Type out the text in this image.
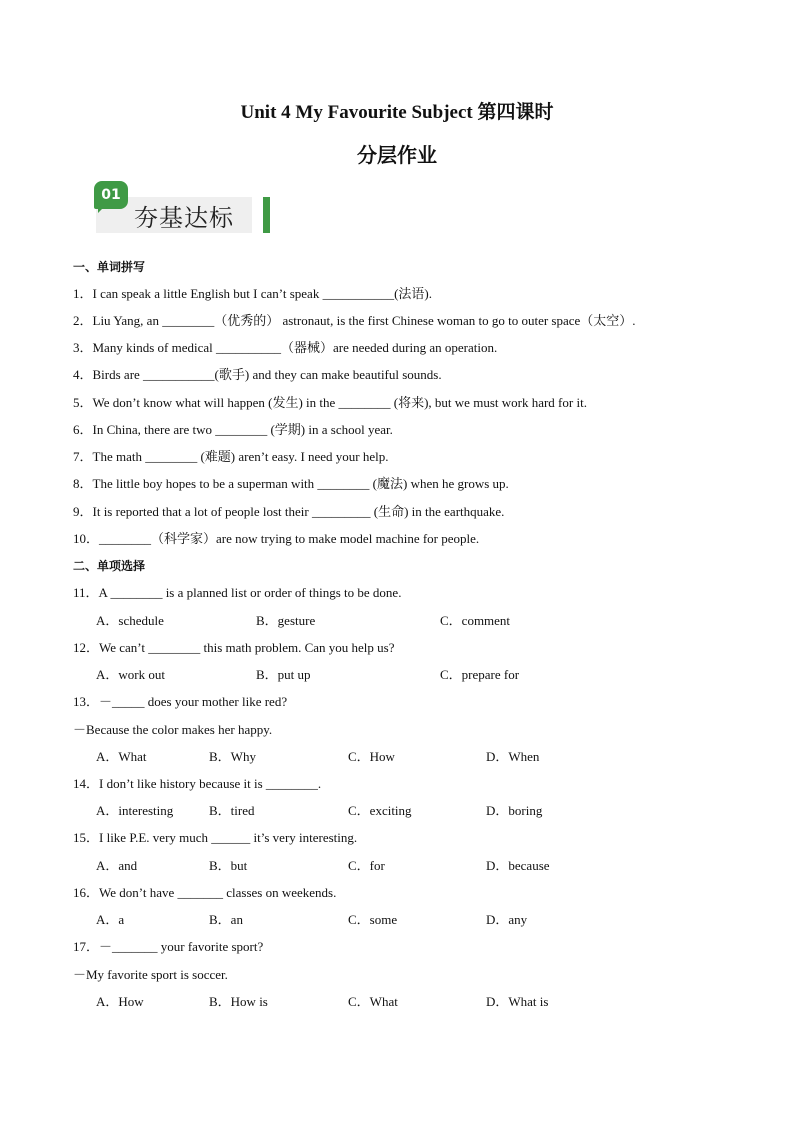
Unit 4 My Favourite Subject 第四课时
分层作业
01
夯基达标
一、单词拼写
1．I can speak a little English but I can’t speak ___________(法语).
2．Liu Yang, an ________（优秀的） astronaut, is the first Chinese woman to go to outer space（太空）.
3．Many kinds of medical __________（器械）are needed during an operation.
4．Birds are ___________(歌手) and they can make beautiful sounds.
5．We don’t know what will happen (发生) in the ________ (将来), but we must work hard for it.
6．In China, there are two ________ (学期) in a school year.
7．The math ________ (难题) aren’t easy. I need your help.
8．The little boy hopes to be a superman with ________ (魔法) when he grows up.
9．It is reported that a lot of people lost their _________ (生命) in the earthquake.
10．________（科学家）are now trying to make model machine for people.
二、单项选择
11．A ________ is a planned list or order of things to be done.
A．schedule	B．gesture	C．comment
12．We can’t ________ this math problem. Can you help us?
A．work out	B．put up	C．prepare for
13．－_____ does your mother like red?
－Because the color makes her happy.
A．What	B．Why	C．How	D．When
14．I don’t like history because it is ________.
A．interesting	B．tired	C．exciting	D．boring
15．I like P.E. very much ______ it’s very interesting.
A．and	B．but	C．for	D．because
16．We don’t have _______ classes on weekends.
A．a	B．an	C．some	D．any
17．－_______ your favorite sport?
－My favorite sport is soccer.
A．How	B．How is	C．What	D．What is
